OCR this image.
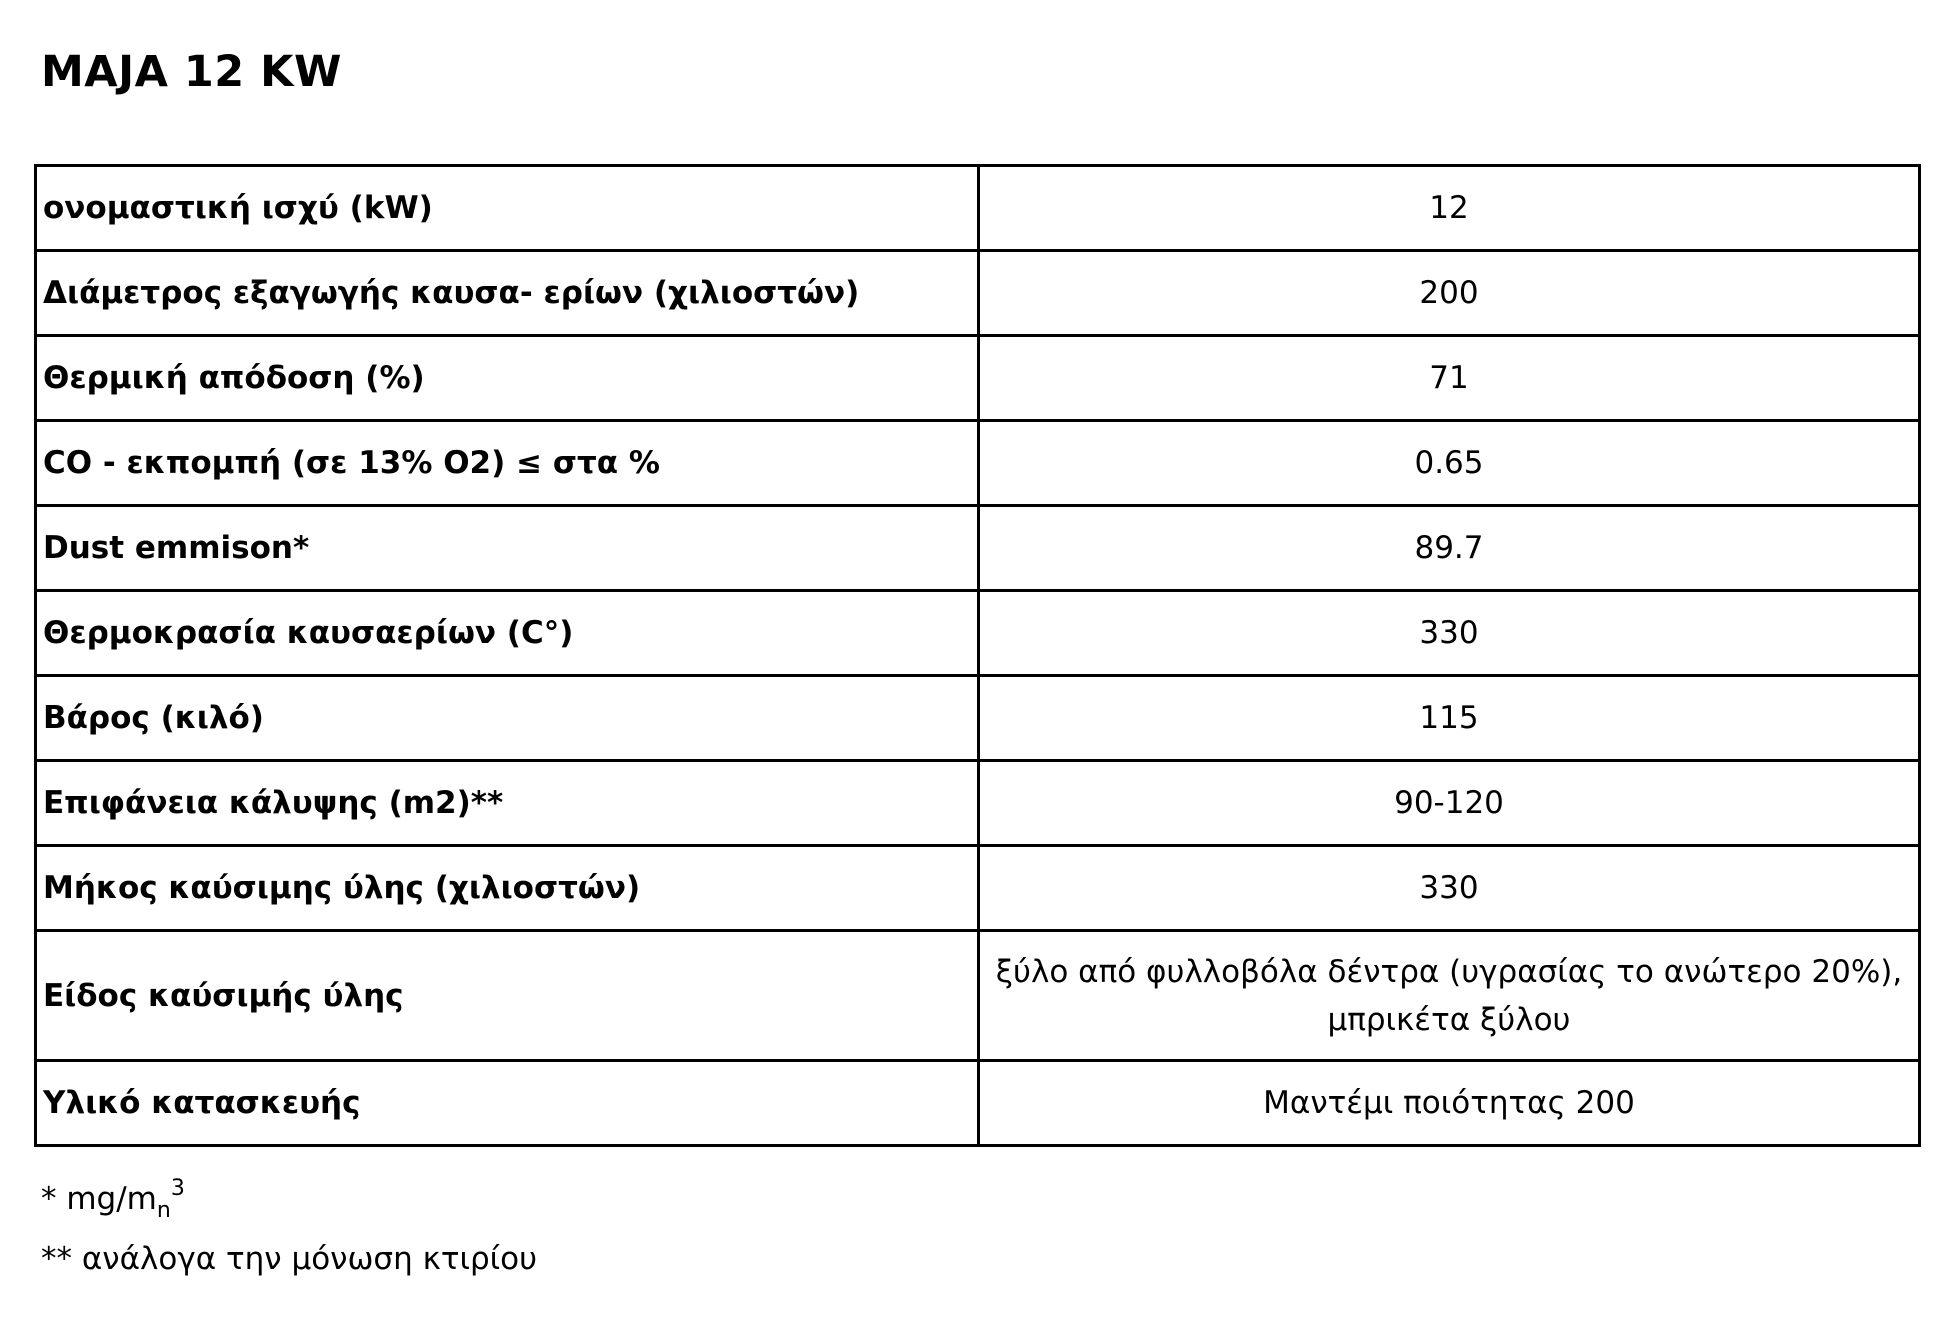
MAJA 12 KW
ονομαστική ισχύ (kW)	12
Διάμετρος εξαγωγής καυσα- ερίων (χιλιοστών)	200
Θερμική απόδοση (%)	71
CO - εκπομπή (σε 13% O2) ≤ στα %	0.65
Dust emmison*	89.7
Θερμοκρασία καυσαερίων (C°)	330
Βάρος (κιλό)	115
Επιφάνεια κάλυψης (m2)**	90-120
Μήκος καύσιμης ύλης (χιλιοστών)	330
Είδος καύσιμής ύλης	ξύλο από φυλλοβόλα δέντρα (υγρασίας το ανώτερο 20%),
μπρικέτα ξύλου

Υλικό κατασκευής	Μαντέμι ποιότητας 200
* $mg/m_n^3$
** ανάλογα την μόνωση κτιρίου
